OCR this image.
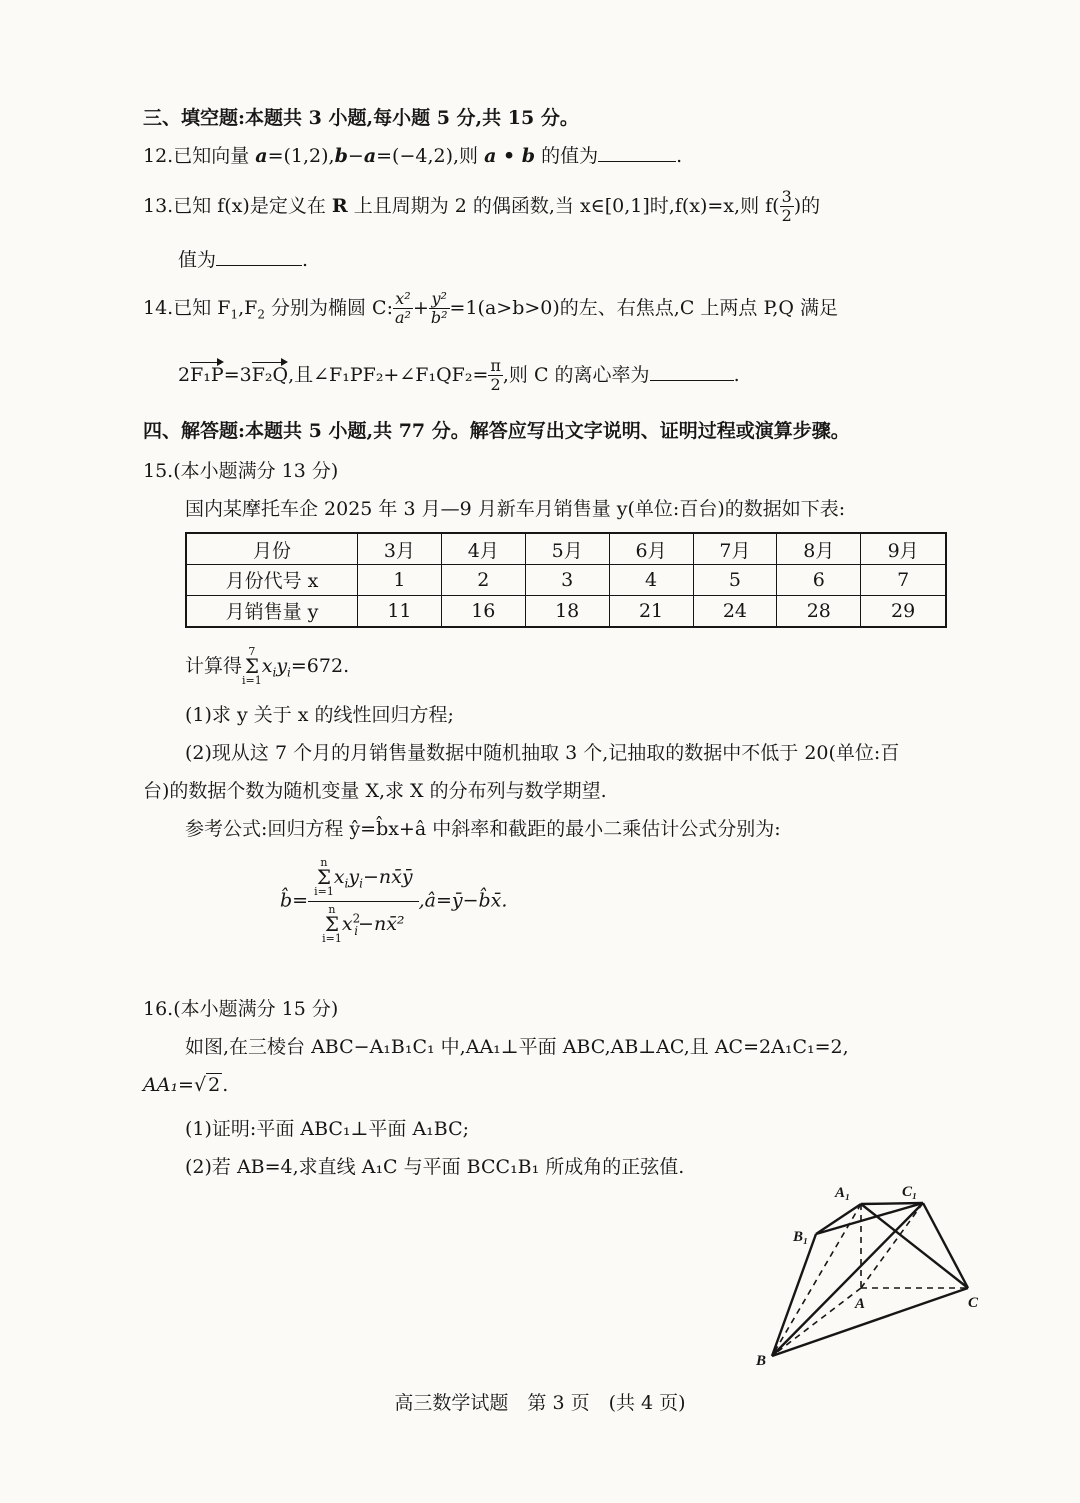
三、填空题:本题共 3 小题,每小题 5 分,共 15 分。
12.已知向量 a=(1,2),b−a=(−4,2),则 a • b 的值为	.
13.已知 f(x)是定义在 R 上且周期为 2 的偶函数,当 x∈[0,1]时,f(x)=x,则 $f( \frac{3}{2}$ )的
值为	.
14.已知 $F_1,F_2$ 分别为椭圆 C: $\frac{\text{x²}}{\text{a²}} + \frac{\text{y²}}{\text{b²}} =1(a>b>0)$的左、右焦点,C 上两点 P,Q 满足
2F₁P=3F₂Q,且∠F₁PF₂+∠F₁QF₂= $\frac{\pi}{2}$ ,则 C 的离心率为	.
四、解答题:本题共 5 小题,共 77 分。解答应写出文字说明、证明过程或演算步骤。
15.(本小题满分 13 分)
国内某摩托车企 2025 年 3 月—9 月新车月销售量 y(单位:百台)的数据如下表:
月份	3月	4月	5月	6月	7月	8月	9月
月份代号 x	1	2	3	4	5	6	7
月销售量 y	11	16	18	21	24	28	29
计算得7
Σ
$i=1x_iy_i=672$.
(1)求 y 关于 x 的线性回归方程;
(2)现从这 7 个月的月销售量数据中随机抽取 3 个,记抽取的数据中不低于 20(单位:百
台)的数据个数为随机变量 X,求 X 的分布列与数学期望.
参考公式:回归方程 ŷ=b̂x+â 中斜率和截距的最小二乘估计公式分别为:
b̂=
n
Σ
$i=1x_iy_i-nx̄ȳ$
n
Σ
$i=1x^2_i-nx̄^2$
,â=ȳ−b̂x̄.
16.(本小题满分 15 分)
如图,在三棱台 ABC−A₁B₁C₁ 中,AA₁⊥平面 ABC,AB⊥AC,且 AC=2A₁C₁=2,
AA₁=√ 2 .
(1)证明:平面 ABC₁⊥平面 A₁BC;
(2)若 AB=4,求直线 A₁C 与平面 BCC₁B₁ 所成角的正弦值.
A₁	C₁
B₁
A	C
B
高三数学试题　第 3 页　(共 4 页)
